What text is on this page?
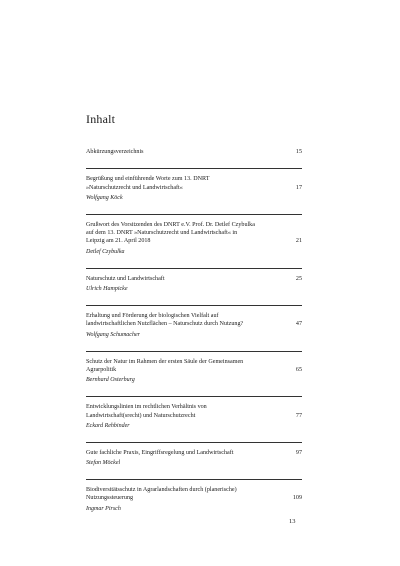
Inhalt
15
Abkürzungsverzeichnis
17
Begrüßung und einführende Worte zum 13. DNRT
»Naturschutzrecht und Landwirtschaft«
Wolfgang Köck
21
Grußwort des Vorsitzenden des DNRT e.V. Prof. Dr. Detlef Czybulka
auf dem 13. DNRT »Naturschutzrecht und Landwirtschaft« in
Leipzig am 21. April 2018
Detlef Czybulka
25
Naturschutz und Landwirtschaft
Ulrich Hampicke
47
Erhaltung und Förderung der biologischen Vielfalt auf
landwirtschaftlichen Nutzflächen – Naturschutz durch Nutzung?
Wolfgang Schumacher
65
Schutz der Natur im Rahmen der ersten Säule der Gemeinsamen
Agrarpolitik
Bernhard Osterburg
77
Entwicklungslinien im rechtlichen Verhältnis von
Landwirtschaft(srecht) und Naturschutzrecht
Eckard Rehbinder
97
Gute fachliche Praxis, Eingriffsregelung und Landwirtschaft
Stefan Möckel
109
Biodiversitätsschutz in Agrarlandschaften durch (planerische)
Nutzungssteuerung
Ingmar Pirsch
13
